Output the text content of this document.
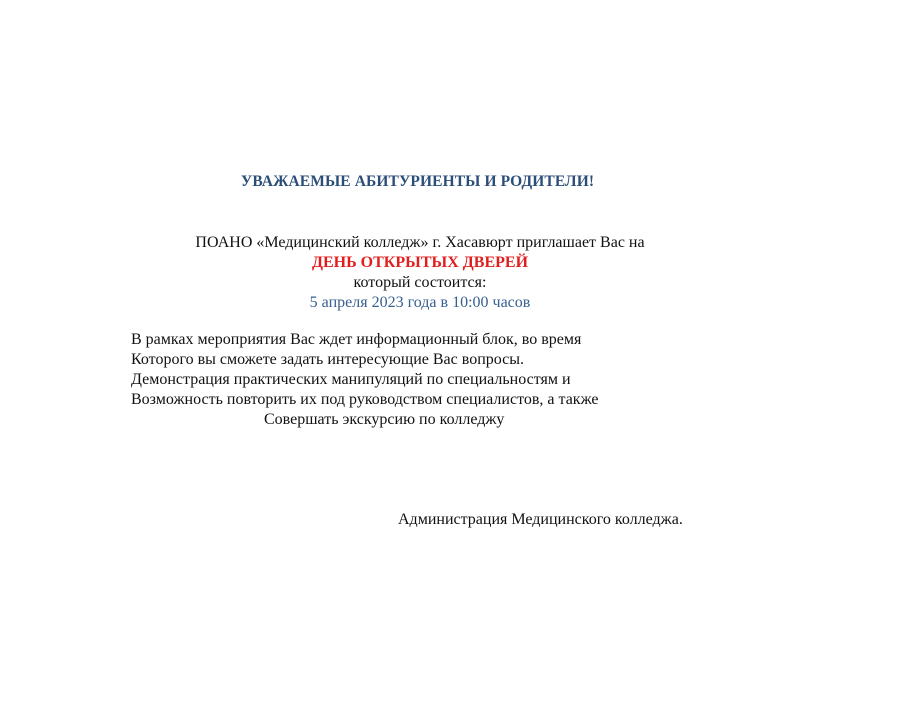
УВАЖАЕМЫЕ АБИТУРИЕНТЫ И РОДИТЕЛИ!
ПОАНО «Медицинский колледж» г. Хасавюрт приглашает Вас на
ДЕНЬ ОТКРЫТЫХ ДВЕРЕЙ
который состоится:
5 апреля 2023 года в 10:00 часов
В рамках мероприятия Вас ждет информационный блок, во время
Которого вы сможете задать интересующие Вас вопросы.
Демонстрация практических манипуляций по специальностям и
Возможность повторить их под руководством специалистов, а также
Совершать экскурсию по колледжу
Администрация Медицинского колледжа.
